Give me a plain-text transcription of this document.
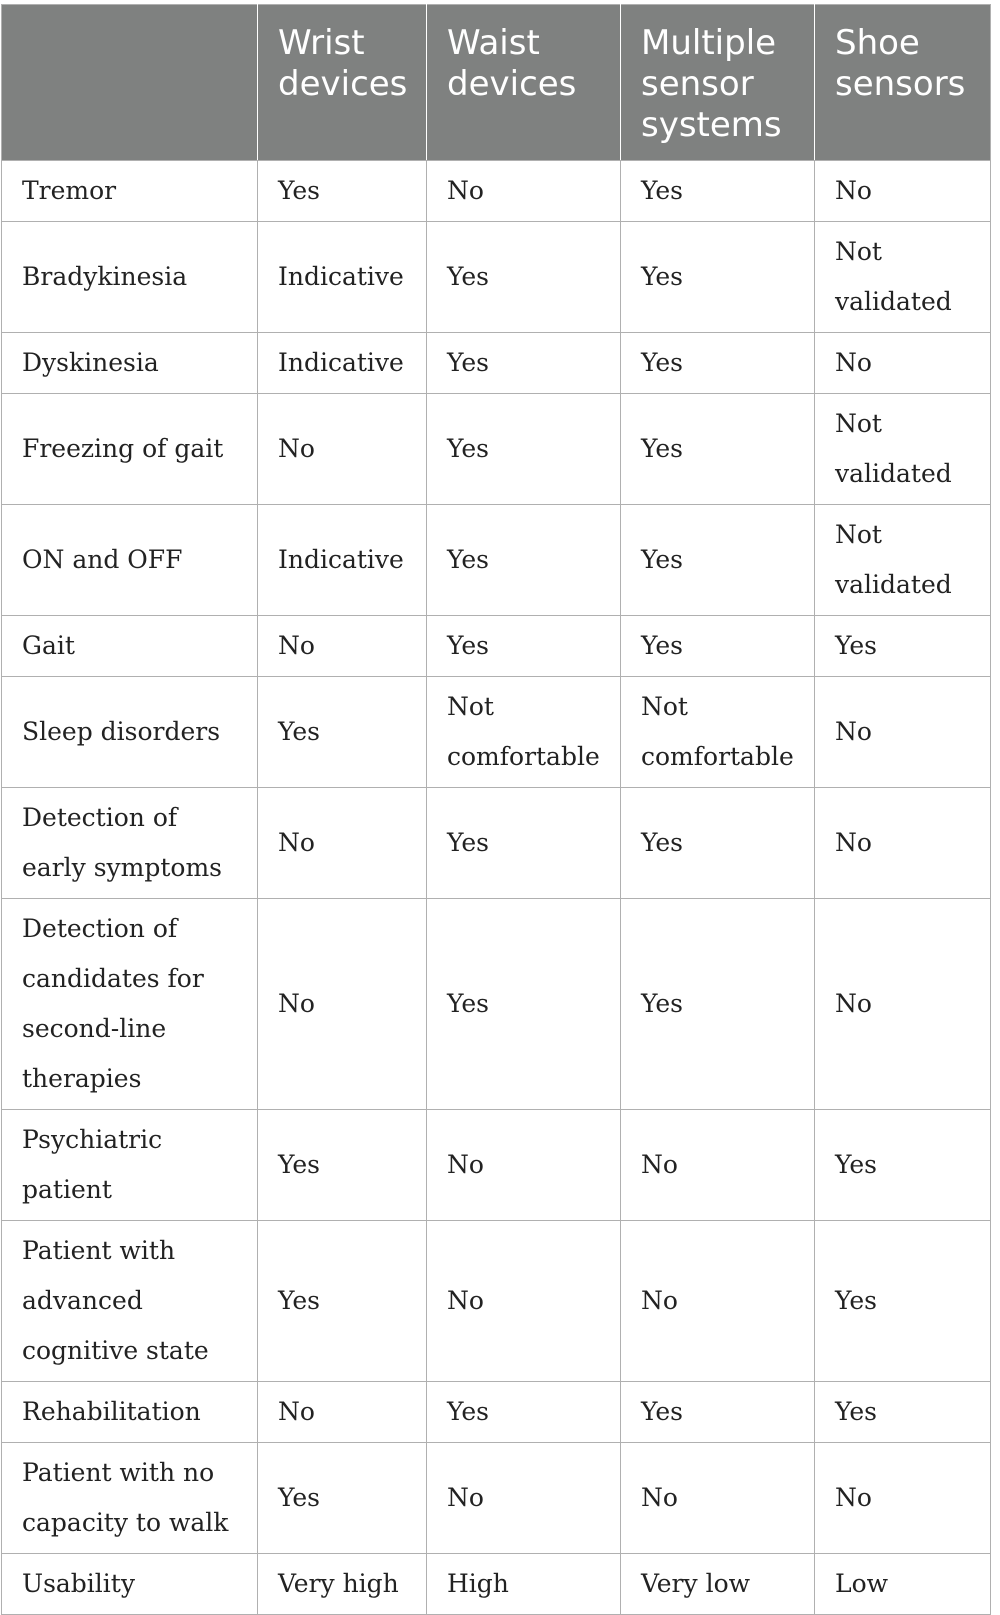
	Wrist devices	Waist devices	Multiple sensor systems	Shoe sensors
Tremor	Yes	No	Yes	No
Bradykinesia	Indicative	Yes	Yes	Not validated
Dyskinesia	Indicative	Yes	Yes	No
Freezing of gait	No	Yes	Yes	Not validated
ON and OFF	Indicative	Yes	Yes	Not validated
Gait	No	Yes	Yes	Yes
Sleep disorders	Yes	Not comfortable	Not comfortable	No
Detection of early symptoms	No	Yes	Yes	No
Detection of candidates for second-line therapies	No	Yes	Yes	No
Psychiatric patient	Yes	No	No	Yes
Patient with advanced cognitive state	Yes	No	No	Yes
Rehabilitation	No	Yes	Yes	Yes
Patient with no capacity to walk	Yes	No	No	No
Usability	Very high	High	Very low	Low
